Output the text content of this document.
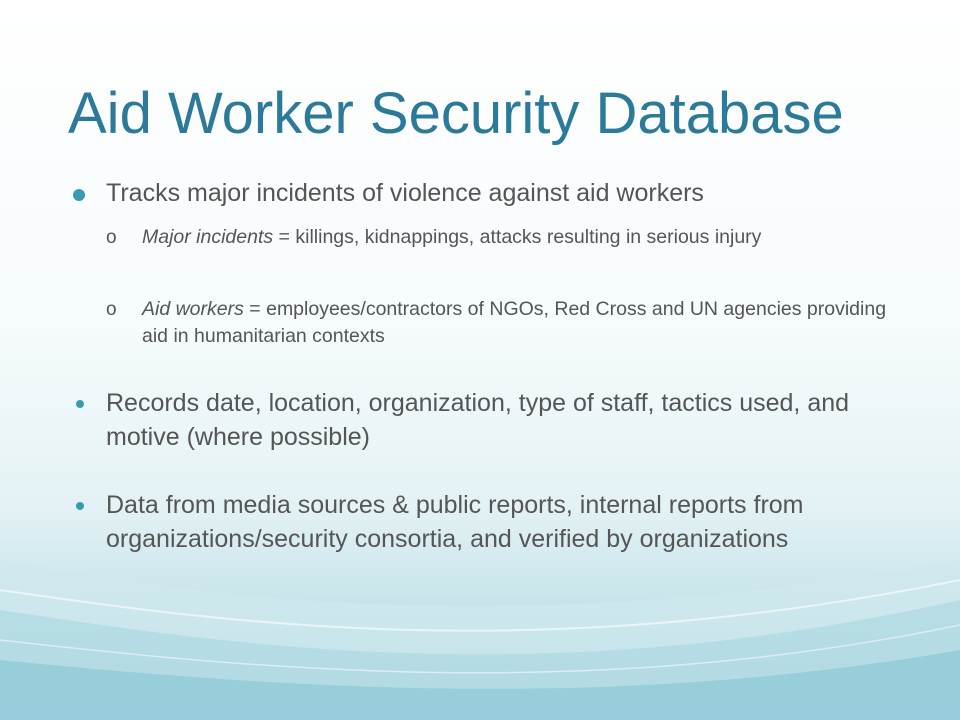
Aid Worker Security Database
Tracks major incidents of violence against aid workers
o Major incidents = killings, kidnappings, attacks resulting in serious injury
o Aid workers = employees/contractors of NGOs, Red Cross and UN agencies providing aid in humanitarian contexts
Records date, location, organization, type of staff, tactics used, and motive (where possible)
Data from media sources & public reports, internal reports from organizations/security consortia, and verified by organizations
